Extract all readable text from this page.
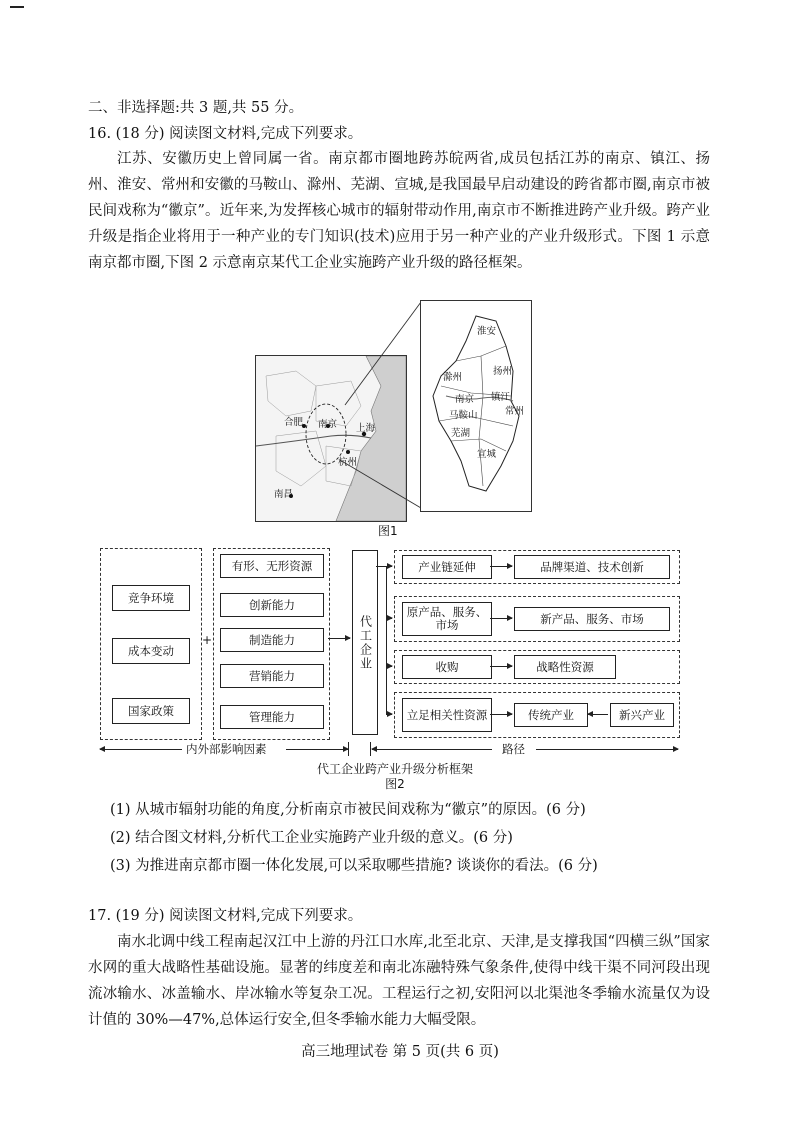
二、非选择题:共 3 题,共 55 分。

16. (18 分) 阅读图文材料,完成下列要求。

江苏、安徽历史上曾同属一省。南京都市圈地跨苏皖两省,成员包括江苏的南京、镇江、扬州、淮安、常州和安徽的马鞍山、滁州、芜湖、宣城,是我国最早启动建设的跨省都市圈,南京市被民间戏称为“徽京”。近年来,为发挥核心城市的辐射带动作用,南京市不断推进跨产业升级。跨产业升级是指企业将用于一种产业的专门知识(技术)应用于另一种产业的产业升级形式。下图 1 示意南京都市圈,下图 2 示意南京某代工企业实施跨产业升级的路径框架。

合肥 南京 上海
杭州
南昌
淮安
滁州
扬州
南京 镇江
马鞍山	常州
芜湖
宣城
图1
竞争环境
成本变动
国家政策
+
有形、无形资源
创新能力
制造能力
营销能力
管理能力
代工企业
产业链延伸	品牌渠道、技术创新
原产品、服务、市场	新产品、服务、市场
收购	战略性资源
立足相关性资源	传统产业	新兴产业
内外部影响因素	路径
代工企业跨产业升级分析框架
图2
(1) 从城市辐射功能的角度,分析南京市被民间戏称为“徽京”的原因。(6 分)
(2) 结合图文材料,分析代工企业实施跨产业升级的意义。(6 分)
(3) 为推进南京都市圈一体化发展,可以采取哪些措施? 谈谈你的看法。(6 分)

17. (19 分) 阅读图文材料,完成下列要求。

南水北调中线工程南起汉江中上游的丹江口水库,北至北京、天津,是支撑我国“四横三纵”国家水网的重大战略性基础设施。显著的纬度差和南北冻融特殊气象条件,使得中线干渠不同河段出现流冰输水、冰盖输水、岸冰输水等复杂工况。工程运行之初,安阳河以北渠池冬季输水流量仅为设计值的 30%—47%,总体运行安全,但冬季输水能力大幅受限。

高三地理试卷 第 5 页(共 6 页)
